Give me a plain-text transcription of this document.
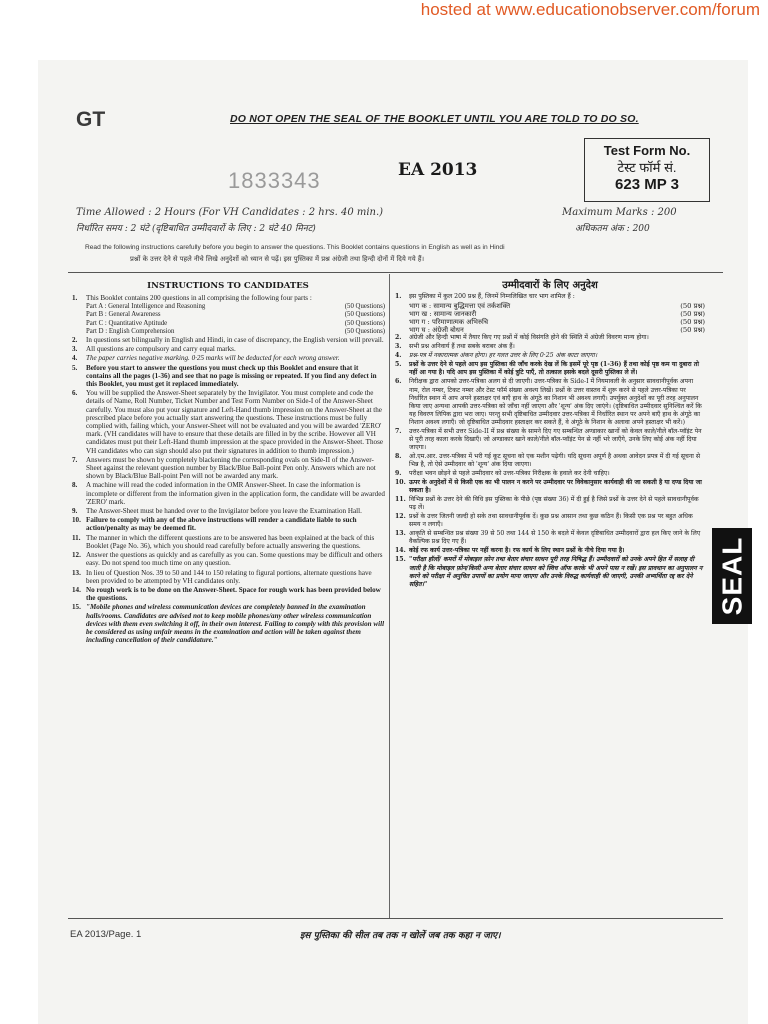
hosted at www.educationobserver.com/forum
GT	DO NOT OPEN THE SEAL OF THE BOOKLET UNTIL YOU ARE TOLD TO DO SO.
1833343	EA 2013
Test Form No.
टेस्ट फॉर्म सं.
623 MP 3
Time Allowed : 2 Hours (For VH Candidates : 2 hrs. 40 min.)
निर्धारित समय : 2 घंटे (दृष्टिबाधित उम्मीदवारों के लिए : 2 घंटे 40 मिनट)
Maximum Marks : 200
अधिकतम अंक : 200
Read the following instructions carefully before you begin to answer the questions. This Booklet contains questions in English as well as in Hindi
प्रश्नों के उत्तर देने से पहले नीचे लिखे अनुदेशों को ध्यान से पढ़ें। इस पुस्तिका में प्रश्न अंग्रेजी तथा हिन्दी दोनों में दिये गये हैं।
INSTRUCTIONS TO CANDIDATES	उम्मीदवारों के लिए अनुदेश
1.	This Booklet contains 200 questions in all comprising the following four parts :
Part A : General Intelligence and Reasoning	(50 Questions)
Part B : General Awareness	(50 Questions)
Part C : Quantitative Aptitude	(50 Questions)
Part D : English Comprehension	(50 Questions)
2.	In questions set bilingually in English and Hindi, in case of discrepancy, the English version will prevail.
3.	All questions are compulsory and carry equal marks.
4.	The paper carries negative marking. 0·25 marks will be deducted for each wrong answer.
5.	Before you start to answer the questions you must check up this Booklet and ensure that it contains all the pages (1-36) and see that no page is missing or repeated. If you find any defect in this Booklet, you must get it replaced immediately.
6.	You will be supplied the Answer-Sheet separately by the Invigilator. You must complete and code the details of Name, Roll Number, Ticket Number and Test Form Number on Side-I of the Answer-Sheet carefully. You must also put your signature and Left-Hand thumb impression on the Answer-Sheet at the prescribed place before you actually start answering the questions. These instructions must be fully complied with, failing which, your Answer-Sheet will not be evaluated and you will be awarded 'ZERO' mark. (VH candidates will have to ensure that these details are filled in by the scribe. However all VH candidates must put their Left-Hand thumb impression at the space provided in the Answer-Sheet. Those VH candidates who can sign should also put their signatures in addition to thumb impression.)
7.	Answers must be shown by completely blackening the corresponding ovals on Side-II of the Answer-Sheet against the relevant question number by Black/Blue Ball-point Pen only. Answers which are not shown by Black/Blue Ball-point Pen will not be awarded any mark.
8.	A machine will read the coded information in the OMR Answer-Sheet. In case the information is incomplete or different from the information given in the application form, the candidate will be awarded 'ZERO' mark.
9.	The Answer-Sheet must be handed over to the Invigilator before you leave the Examination Hall.
10. Failure to comply with any of the above instructions will render a candidate liable to such action/penalty as may be deemed fit.
11. The manner in which the different questions are to be answered has been explained at the back of this Booklet (Page No. 36), which you should read carefully before actually answering the questions.
12. Answer the questions as quickly and as carefully as you can. Some questions may be difficult and others easy. Do not spend too much time on any question.
13. In lieu of Question Nos. 39 to 50 and 144 to 150 relating to figural portions, alternate questions have been provided to be attempted by VH candidates only.
14. No rough work is to be done on the Answer-Sheet. Space for rough work has been provided below the questions.
15. "Mobile phones and wireless communication devices are completely banned in the examination halls/rooms. Candidates are advised not to keep mobile phones/any other wireless communication devices with them even switching it off, in their own interest. Failing to comply with this provision will be considered as using unfair means in the examination and action will be taken against them including cancellation of their candidature."
1.	इस पुस्तिका में कुल 200 प्रश्न हैं, जिनमें निम्नलिखित चार भाग शामिल हैं :
भाग क : सामान्य बुद्धिमत्ता एवं तर्कशक्ति	(50 प्रश्न)
भाग ख : सामान्य जानकारी	(50 प्रश्न)
भाग ग : परिमाणात्मक अभिरुचि	(50 प्रश्न)
भाग घ : अंग्रेजी बोधन	(50 प्रश्न)
2.	अंग्रेजी और हिन्दी भाषा में तैयार किए गए प्रश्नों में कोई विसंगति होने की स्थिति में अंग्रेजी विवरण मान्य होगा।
3.	सभी प्रश्न अनिवार्य हैं तथा सबके बराबर अंक हैं।
4.	प्रश्न-पत्र में नकारात्मक अंकन होगा। हर गलत उत्तर के लिए 0·25 अंक काटा जाएगा।
5.	प्रश्नों के उत्तर देने से पहले आप इस पुस्तिका की जाँच करके देख लें कि इसमें पूरे पृष्ठ (1-36) हैं तथा कोई पृष्ठ कम या दुबारा तो नहीं आ गया है। यदि आप इस पुस्तिका में कोई त्रुटि पाएँ, तो तत्काल इसके बदले दूसरी पुस्तिका ले लें।
6.	निरीक्षक द्वारा आपको उत्तर-पत्रिका अलग से दी जाएगी। उत्तर-पत्रिका के Side-I में नियमावली के अनुसार सावधानीपूर्वक अपना नाम, रोल नम्बर, टिकट नम्बर और टेस्ट फॉर्म संख्या अवश्य लिखें। प्रश्नों के उत्तर वास्तव में शुरू करने से पहले उत्तर-पत्रिका पर निर्धारित स्थान में आप अपने हस्ताक्षर एवं बाएँ हाथ के अंगूठे का निशान भी अवश्य लगाएँ। उपर्युक्त अनुदेशों का पूरी तरह अनुपालन किया जाए अन्यथा आपकी उत्तर-पत्रिका को जाँचा नहीं जाएगा और 'शून्य' अंक दिए जाएंगे। (दृष्टिबाधित उम्मीदवार सुनिश्चित करें कि यह विवरण लिपिक द्वारा भरा जाए। परन्तु सभी दृष्टिबाधित उम्मीदवार उत्तर-पत्रिका में निर्धारित स्थान पर अपने बाएँ हाथ के अंगूठे का निशान अवश्य लगाएँ। जो दृष्टिबाधित उम्मीदवार हस्ताक्षर कर सकते हैं, वे अंगूठे के निशान के अलावा अपने हस्ताक्षर भी करें।)
7.	उत्तर-पत्रिका में सभी उत्तर Side-II में प्रश्न संख्या के सामने दिए गए सम्बन्धित अण्डाकार खानों को केवल काले/नीले बॉल-प्वॉइंट पेन से पूरी तरह काला करके दिखाएँ। जो अण्डाकार खाने काले/नीले बॉल-प्वॉइंट पेन से नहीं भरे जाएँगे, उनके लिए कोई अंक नहीं दिया जाएगा।
8.	ओ.एम.आर. उत्तर-पत्रिका में भरी गई कूट सूचना को एक मशीन पढ़ेगी। यदि सूचना अपूर्ण है अथवा आवेदन प्रपत्र में दी गई सूचना से भिन्न है, तो ऐसे उम्मीदवार को 'शून्य' अंक दिया जाएगा।
9.	परीक्षा भवन छोड़ने से पहले उम्मीदवार को उत्तर-पत्रिका निरीक्षक के हवाले कर देनी चाहिए।
10. ऊपर के अनुदेशों में से किसी एक का भी पालन न करने पर उम्मीदवार पर विवेकानुसार कार्यवाही की जा सकती है या दण्ड दिया जा सकता है।
11. विभिन्न प्रश्नों के उत्तर देने की विधि इस पुस्तिका के पीछे (पृष्ठ संख्या 36) में दी हुई है जिसे प्रश्नों के उत्तर देने से पहले सावधानीपूर्वक पढ़ लें।
12. प्रश्नों के उत्तर जितनी जल्दी हो सके तथा सावधानीपूर्वक दें। कुछ प्रश्न आसान तथा कुछ कठिन हैं। किसी एक प्रश्न पर बहुत अधिक समय न लगाएँ।
13. आकृति से सम्बन्धित प्रश्न संख्या 39 से 50 तथा 144 से 150 के बदले में केवल दृष्टिबाधित उम्मीदवारों द्वारा हल किए जाने के लिए वैकल्पिक प्रश्न दिए गए हैं।
14. कोई रफ कार्य उत्तर-पत्रिका पर नहीं करना है। रफ कार्य के लिए स्थान प्रश्नों के नीचे दिया गया है।
15. "परीक्षा हॉलों/ कमरों में मोबाइल फ़ोन तथा बेतार संचार साधन पूरी तरह निषिद्ध हैं। उम्मीदवारों को उनके अपने हित में सलाह दी जाती है कि मोबाइल फ़ोन/किसी अन्य बेतार संचार साधन को स्विच ऑफ करके भी अपने पास न रखें। इस प्रावधान का अनुपालन न करने को परीक्षा में अनुचित उपायों का प्रयोग माना जाएगा और उनके विरुद्ध कार्यवाही की जाएगी, उनकी अभ्यर्थिता रद्द कर देने सहित।"	SEAL
EA 2013/Page. 1	इस पुस्तिका की सील तब तक न खोलें जब तक कहा न जाए।
